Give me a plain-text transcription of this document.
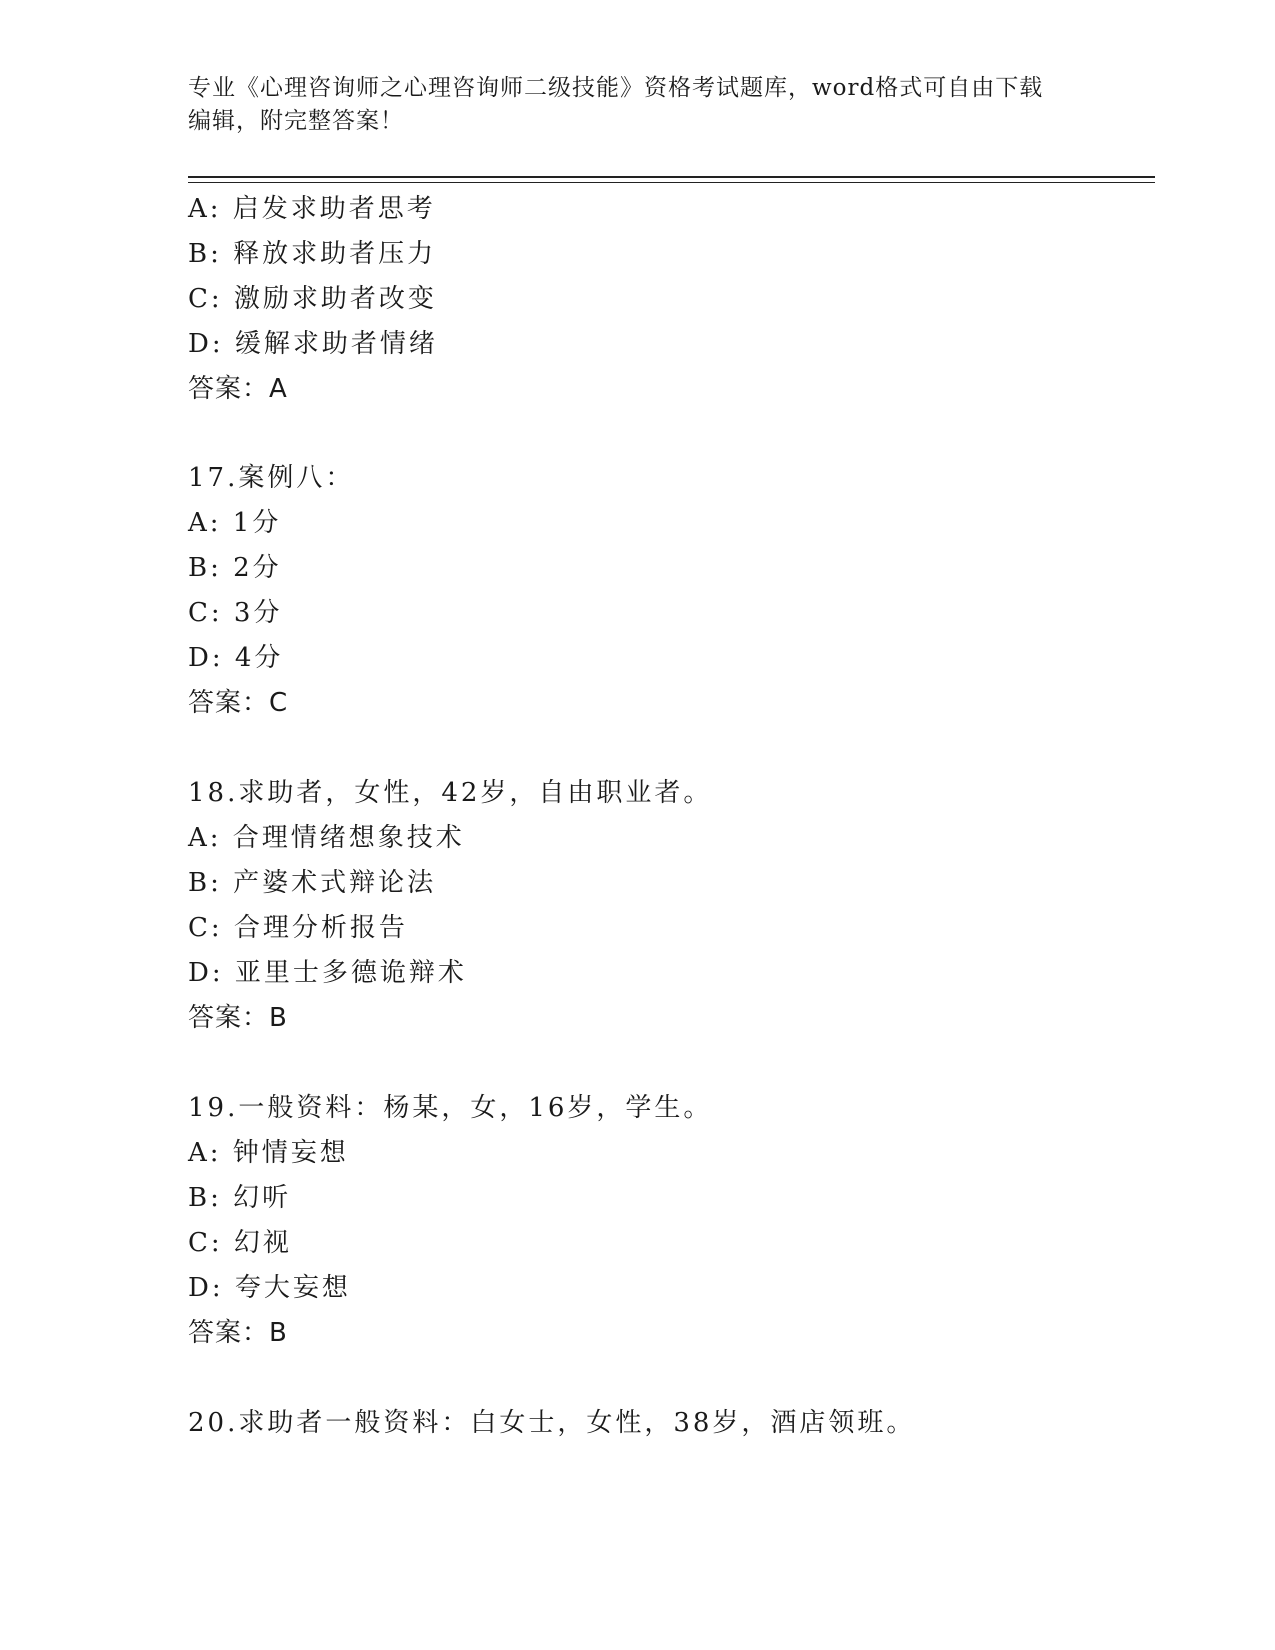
专业《心理咨询师之心理咨询师二级技能》资格考试题库，word格式可自由下载
编辑，附完整答案！
A: 启发求助者思考
B: 释放求助者压力
C: 激励求助者改变
D: 缓解求助者情绪
答案：A
17.案例八：
A: 1分
B: 2分
C: 3分
D: 4分
答案：C
18.求助者，女性，42岁，自由职业者。
A: 合理情绪想象技术
B: 产婆术式辩论法
C: 合理分析报告
D: 亚里士多德诡辩术
答案：B
19.一般资料：杨某，女，16岁，学生。
A: 钟情妄想
B: 幻听
C: 幻视
D: 夸大妄想
答案：B
20.求助者一般资料：白女士，女性，38岁，酒店领班。
